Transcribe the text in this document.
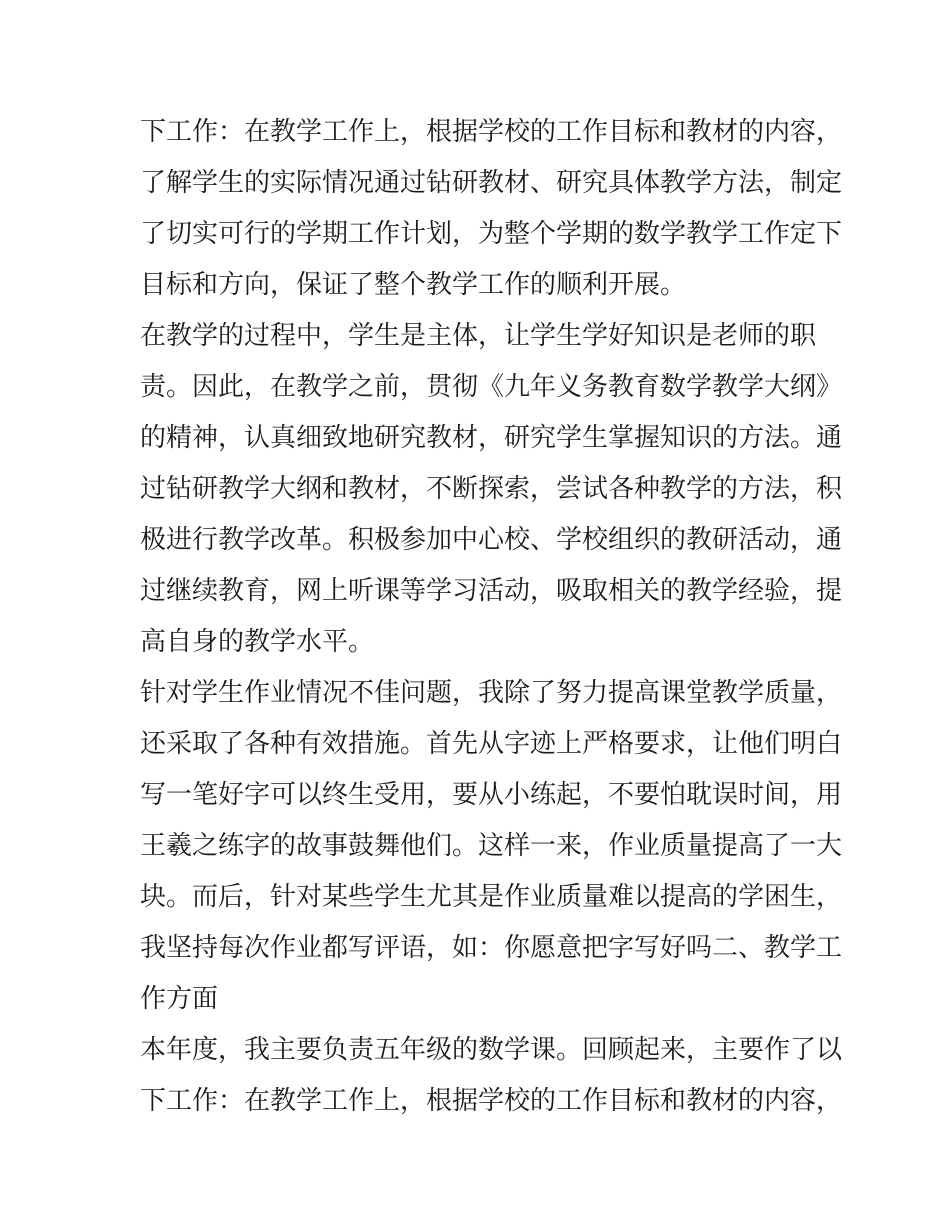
下工作：在教学工作上，根据学校的工作目标和教材的内容，
了解学生的实际情况通过钻研教材、研究具体教学方法，制定
了切实可行的学期工作计划，为整个学期的数学教学工作定下
目标和方向，保证了整个教学工作的顺利开展。
在教学的过程中，学生是主体，让学生学好知识是老师的职
责。因此，在教学之前，贯彻《九年义务教育数学教学大纲》
的精神，认真细致地研究教材，研究学生掌握知识的方法。通
过钻研教学大纲和教材，不断探索，尝试各种教学的方法，积
极进行教学改革。积极参加中心校、学校组织的教研活动，通
过继续教育，网上听课等学习活动，吸取相关的教学经验，提
高自身的教学水平。
针对学生作业情况不佳问题，我除了努力提高课堂教学质量，
还采取了各种有效措施。首先从字迹上严格要求，让他们明白
写一笔好字可以终生受用，要从小练起，不要怕耽误时间，用
王羲之练字的故事鼓舞他们。这样一来，作业质量提高了一大
块。而后，针对某些学生尤其是作业质量难以提高的学困生，
我坚持每次作业都写评语，如：你愿意把字写好吗二、教学工
作方面
本年度，我主要负责五年级的数学课。回顾起来，主要作了以
下工作：在教学工作上，根据学校的工作目标和教材的内容，
